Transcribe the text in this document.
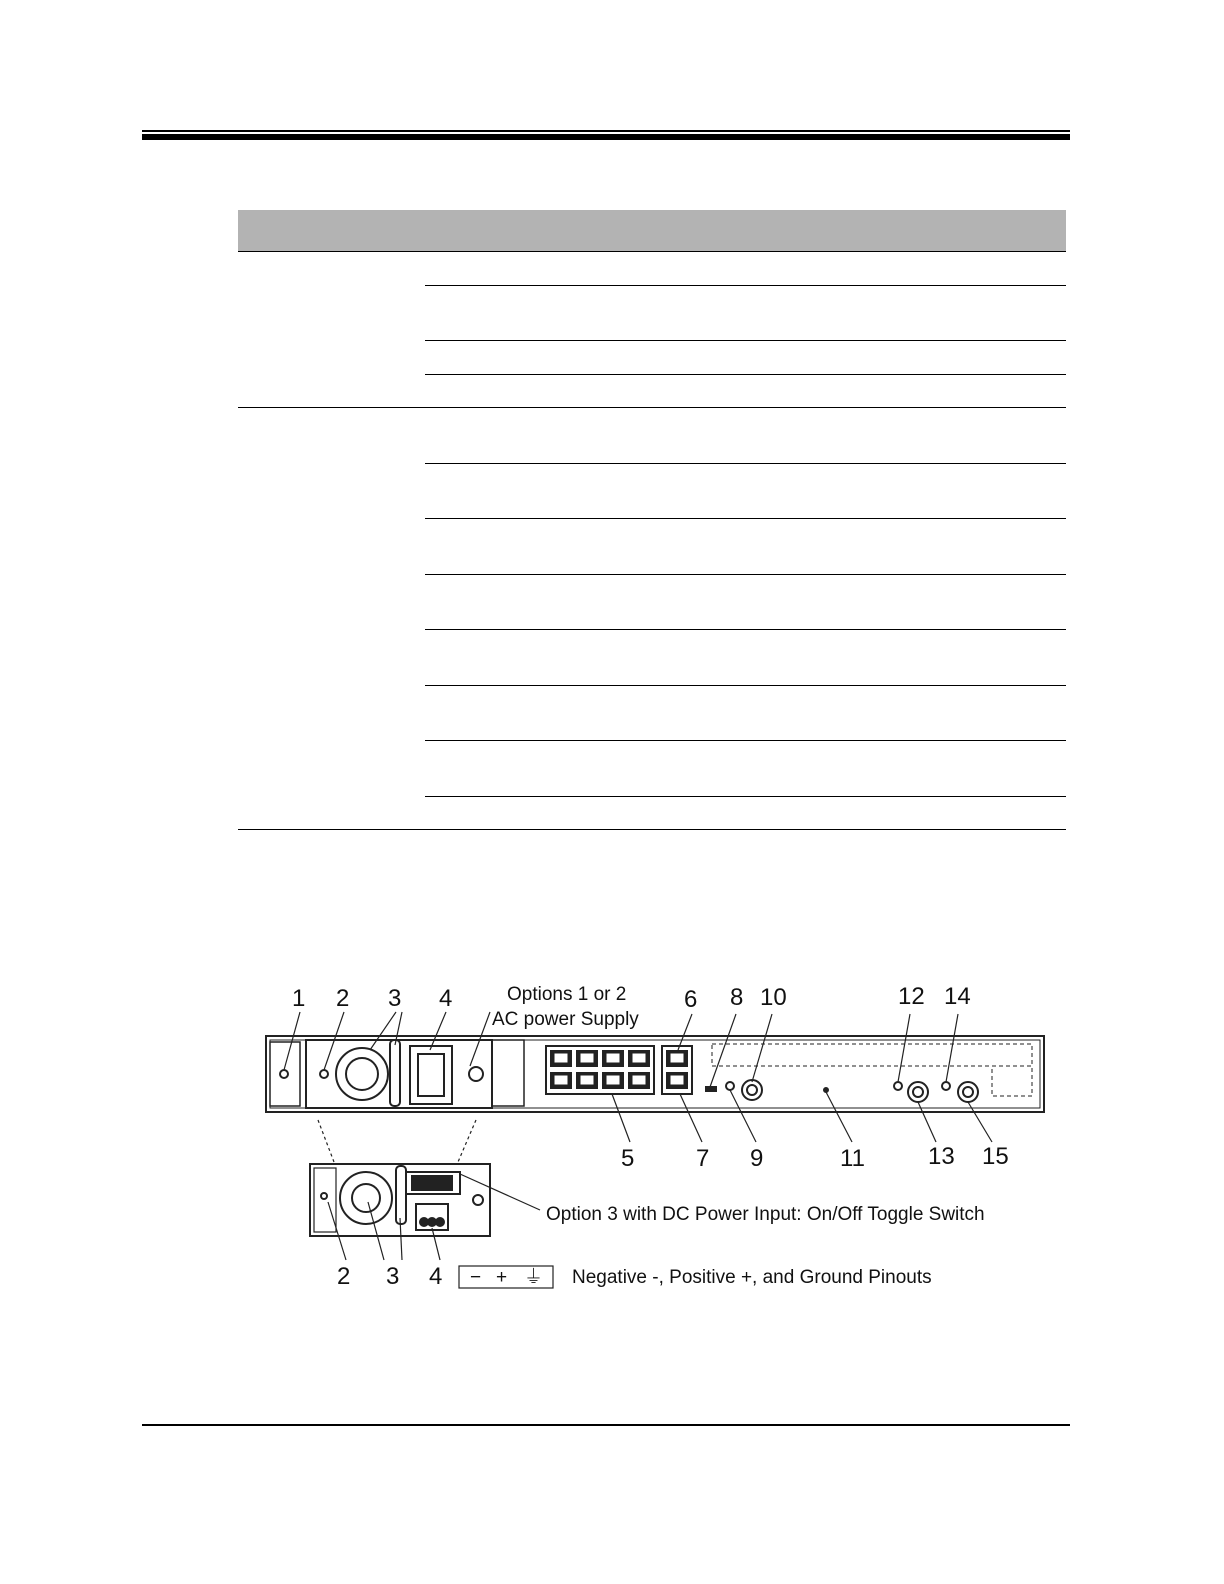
1 2 3 4	6 8 10	12 14
Options 1 or 2
AC power Supply
5	7 9	11	13 15
Option 3 with DC Power Input: On/Off Toggle Switch
2 3 4 − + ⏚ Negative -, Positive +, and Ground Pinouts
